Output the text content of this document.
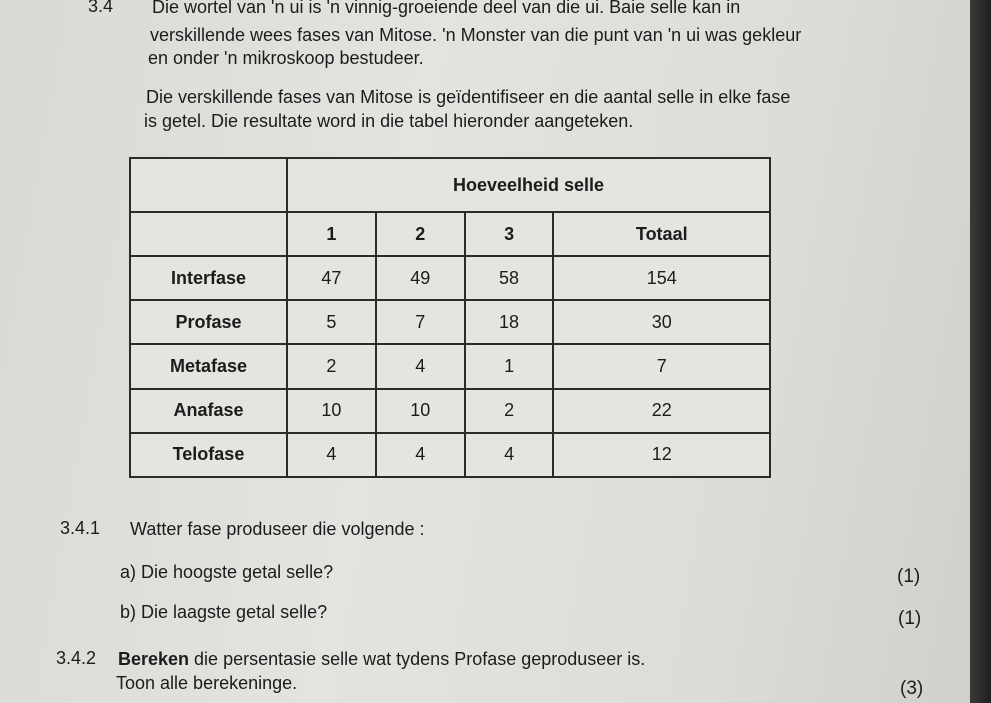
3.4 Die wortel van 'n ui is 'n vinnig-groeiende deel van die ui. Baie selle kan in
verskillende wees fases van Mitose. 'n Monster van die punt van 'n ui was gekleur
en onder 'n mikroskoop bestudeer.
Die verskillende fases van Mitose is geïdentifiseer en die aantal selle in elke fase
is getel. Die resultate word in die tabel hieronder aangeteken.
	Hoeveelheid selle			
	1	2	3	Totaal
Interfase	47	49	58	154
Profase	5	7	18	30
Metafase	2	4	1	7
Anafase	10	10	2	22
Telofase	4	4	4	12
3.4.1 Watter fase produseer die volgende :
a) Die hoogste getal selle?	(1)
b) Die laagste getal selle?	(1)
3.4.2 Bereken die persentasie selle wat tydens Profase geproduseer is.
Toon alle berekeninge.	(3)
